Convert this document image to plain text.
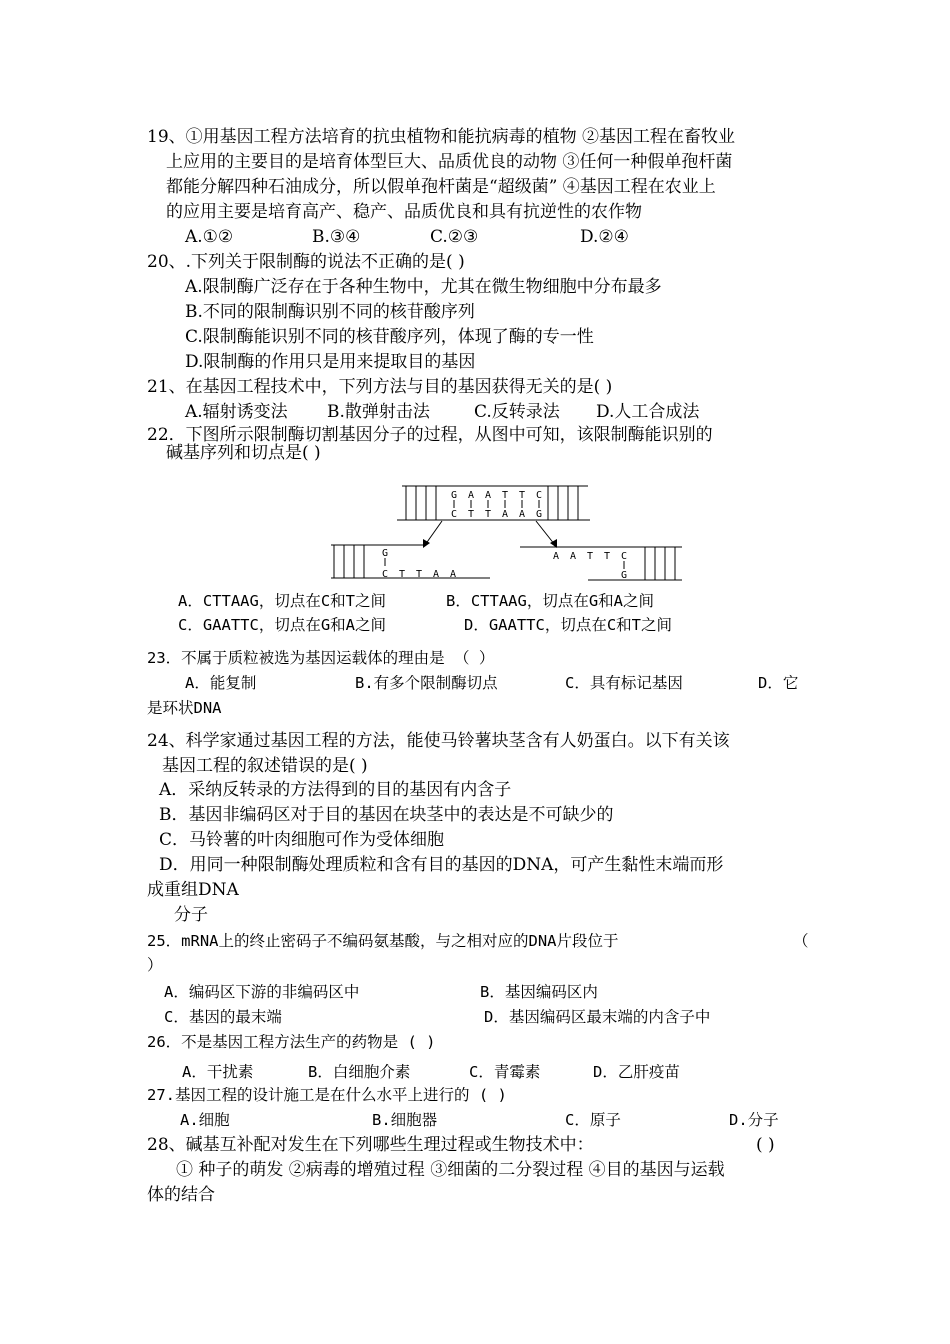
19、①用基因工程方法培育的抗虫植物和能抗病毒的植物 ②基因工程在畜牧业
上应用的主要目的是培育体型巨大、品质优良的动物 ③任何一种假单孢杆菌
都能分解四种石油成分，所以假单孢杆菌是“超级菌” ④基因工程在农业上
的应用主要是培育高产、稳产、品质优良和具有抗逆性的农作物
A.①②	B.③④	C.②③	D.②④
20、.下列关于限制酶的说法不正确的是( )
A.限制酶广泛存在于各种生物中，尤其在微生物细胞中分布最多
B.不同的限制酶识别不同的核苷酸序列
C.限制酶能识别不同的核苷酸序列，体现了酶的专一性
D.限制酶的作用只是用来提取目的基因
21、在基因工程技术中，下列方法与目的基因获得无关的是( )
A.辐射诱变法 B.散弹射击法	C.反转录法 D.人工合成法
22．下图所示限制酶切割基因分子的过程，从图中可知，该限制酶能识别的
碱基序列和切点是( )
G A A T T C
C T T A A G
G
C T T A A
A A T T C
G
A．CTTAAG，切点在C和T之间	B．CTTAAG，切点在G和A之间
C．GAATTC，切点在G和A之间	D．GAATTC，切点在C和T之间
23．不属于质粒被选为基因运载体的理由是 （ ）
A．能复制	B.有多个限制酶切点	C．具有标记基因	D．它
是环状DNA
24、科学家通过基因工程的方法，能使马铃薯块茎含有人奶蛋白。以下有关该
基因工程的叙述错误的是( )
A．采纳反转录的方法得到的目的基因有内含子
B．基因非编码区对于目的基因在块茎中的表达是不可缺少的
C．马铃薯的叶肉细胞可作为受体细胞
D．用同一种限制酶处理质粒和含有目的基因的DNA，可产生黏性末端而形
成重组DNA
分子
25．mRNA上的终止密码子不编码氨基酸，与之相对应的DNA片段位于	（
）
A．编码区下游的非编码区中	B．基因编码区内
C．基因的最末端	D．基因编码区最末端的内含子中
26．不是基因工程方法生产的药物是 ( )
A．干扰素	B．白细胞介素	C．青霉素	D．乙肝疫苗
27.基因工程的设计施工是在什么水平上进行的 ( )
A.细胞	B.细胞器	C．原子	D.分子
28、碱基互补配对发生在下列哪些生理过程或生物技术中：	( )
① 种子的萌发 ②病毒的增殖过程 ③细菌的二分裂过程 ④目的基因与运载
体的结合
